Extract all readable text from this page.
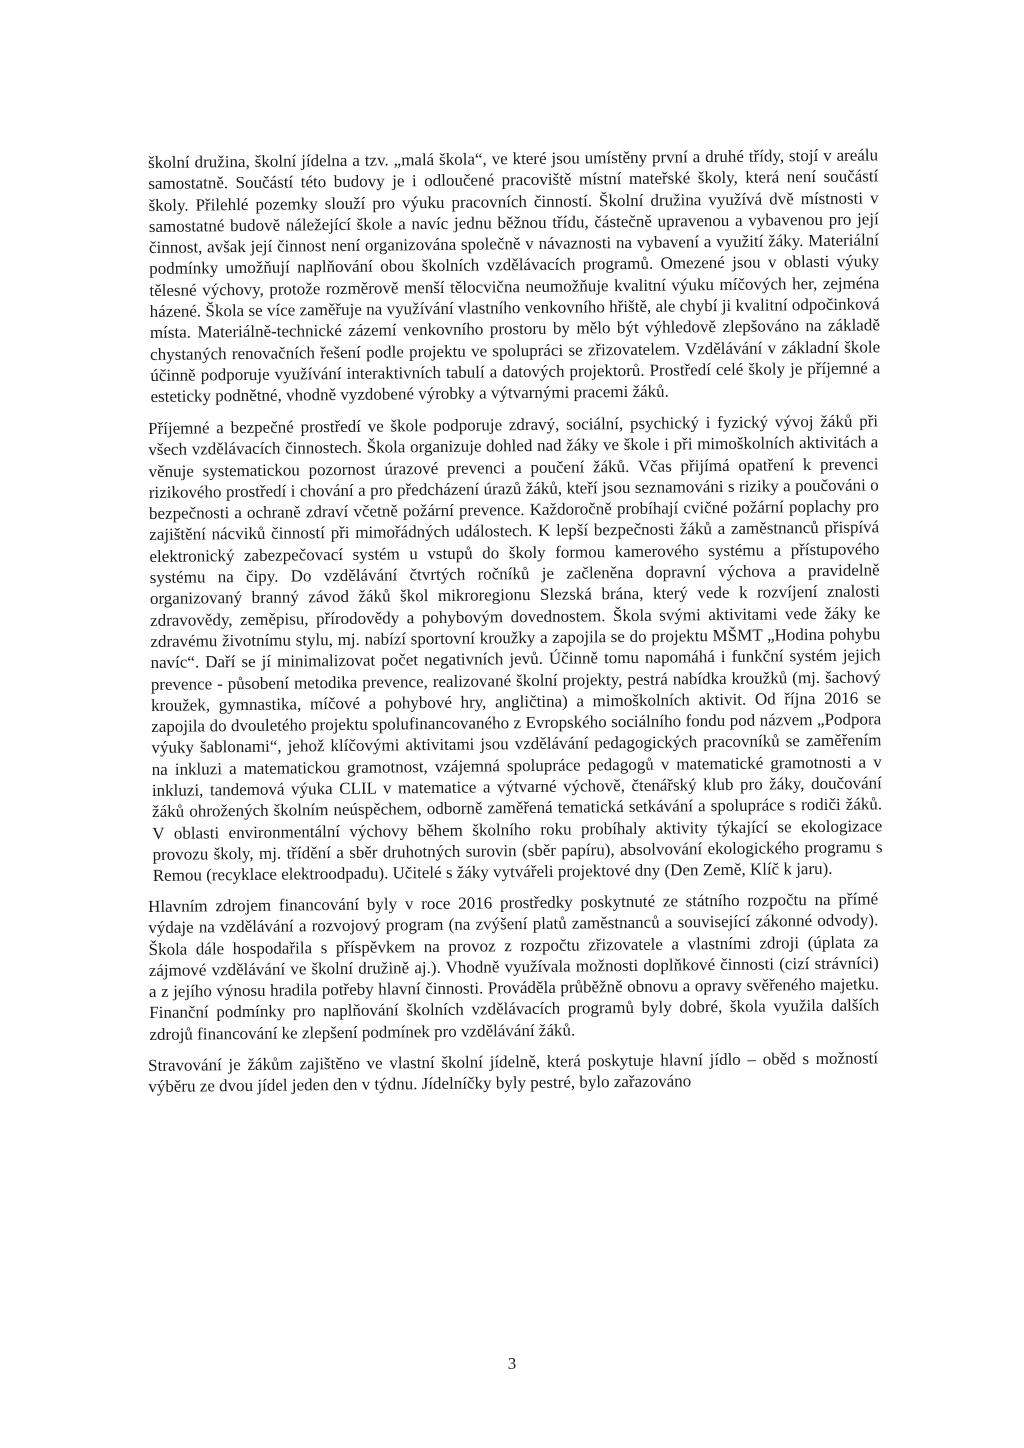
školní družina, školní jídelna a tzv. „malá škola“, ve které jsou umístěny první a druhé třídy, stojí v areálu samostatně. Součástí této budovy je i odloučené pracoviště místní mateřské školy, která není součástí školy. Přilehlé pozemky slouží pro výuku pracovních činností. Školní družina využívá dvě místnosti v samostatné budově náležející škole a navíc jednu běžnou třídu, částečně upravenou a vybavenou pro její činnost, avšak její činnost není organizována společně v návaznosti na vybavení a využití žáky. Materiální podmínky umožňují naplňování obou školních vzdělávacích programů. Omezené jsou v oblasti výuky tělesné výchovy, protože rozměrově menší tělocvična neumožňuje kvalitní výuku míčových her, zejména házené. Škola se více zaměřuje na využívání vlastního venkovního hřiště, ale chybí ji kvalitní odpočinková místa. Materiálně-technické zázemí venkovního prostoru by mělo být výhledově zlepšováno na základě chystaných renovačních řešení podle projektu ve spolupráci se zřizovatelem. Vzdělávání v základní škole účinně podporuje využívání interaktivních tabulí a datových projektorů. Prostředí celé školy je příjemné a esteticky podnětné, vhodně vyzdobené výrobky a výtvarnými pracemi žáků.

Příjemné a bezpečné prostředí ve škole podporuje zdravý, sociální, psychický i fyzický vývoj žáků při všech vzdělávacích činnostech. Škola organizuje dohled nad žáky ve škole i při mimoškolních aktivitách a věnuje systematickou pozornost úrazové prevenci a poučení žáků. Včas přijímá opatření k prevenci rizikového prostředí i chování a pro předcházení úrazů žáků, kteří jsou seznamováni s riziky a poučováni o bezpečnosti a ochraně zdraví včetně požární prevence. Každoročně probíhají cvičné požární poplachy pro zajištění nácviků činností při mimořádných událostech. K lepší bezpečnosti žáků a zaměstnanců přispívá elektronický zabezpečovací systém u vstupů do školy formou kamerového systému a přístupového systému na čipy. Do vzdělávání čtvrtých ročníků je začleněna dopravní výchova a pravidelně organizovaný branný závod žáků škol mikroregionu Slezská brána, který vede k rozvíjení znalosti zdravovědy, zeměpisu, přírodovědy a pohybovým dovednostem. Škola svými aktivitami vede žáky ke zdravému životnímu stylu, mj. nabízí sportovní kroužky a zapojila se do projektu MŠMT „Hodina pohybu navíc“. Daří se jí minimalizovat počet negativních jevů. Účinně tomu napomáhá i funkční systém jejich prevence - působení metodika prevence, realizované školní projekty, pestrá nabídka kroužků (mj. šachový kroužek, gymnastika, míčové a pohybové hry, angličtina) a mimoškolních aktivit. Od října 2016 se zapojila do dvouletého projektu spolufinancovaného z Evropského sociálního fondu pod názvem „Podpora výuky šablonami“, jehož klíčovými aktivitami jsou vzdělávání pedagogických pracovníků se zaměřením na inkluzi a matematickou gramotnost, vzájemná spolupráce pedagogů v matematické gramotnosti a v inkluzi, tandemová výuka CLIL v matematice a výtvarné výchově, čtenářský klub pro žáky, doučování žáků ohrožených školním neúspěchem, odborně zaměřená tematická setkávání a spolupráce s rodiči žáků. V oblasti environmentální výchovy během školního roku probíhaly aktivity týkající se ekologizace provozu školy, mj. třídění a sběr druhotných surovin (sběr papíru), absolvování ekologického programu s Remou (recyklace elektroodpadu). Učitelé s žáky vytvářeli projektové dny (Den Země, Klíč k jaru).

Hlavním zdrojem financování byly v roce 2016 prostředky poskytnuté ze státního rozpočtu na přímé výdaje na vzdělávání a rozvojový program (na zvýšení platů zaměstnanců a související zákonné odvody). Škola dále hospodařila s příspěvkem na provoz z rozpočtu zřizovatele a vlastními zdroji (úplata za zájmové vzdělávání ve školní družině aj.). Vhodně využívala možnosti doplňkové činnosti (cizí strávníci) a z jejího výnosu hradila potřeby hlavní činnosti. Prováděla průběžně obnovu a opravy svěřeného majetku. Finanční podmínky pro naplňování školních vzdělávacích programů byly dobré, škola využila dalších zdrojů financování ke zlepšení podmínek pro vzdělávání žáků.

Stravování je žákům zajištěno ve vlastní školní jídelně, která poskytuje hlavní jídlo – oběd s možností výběru ze dvou jídel jeden den v týdnu. Jídelníčky byly pestré, bylo zařazováno

3
